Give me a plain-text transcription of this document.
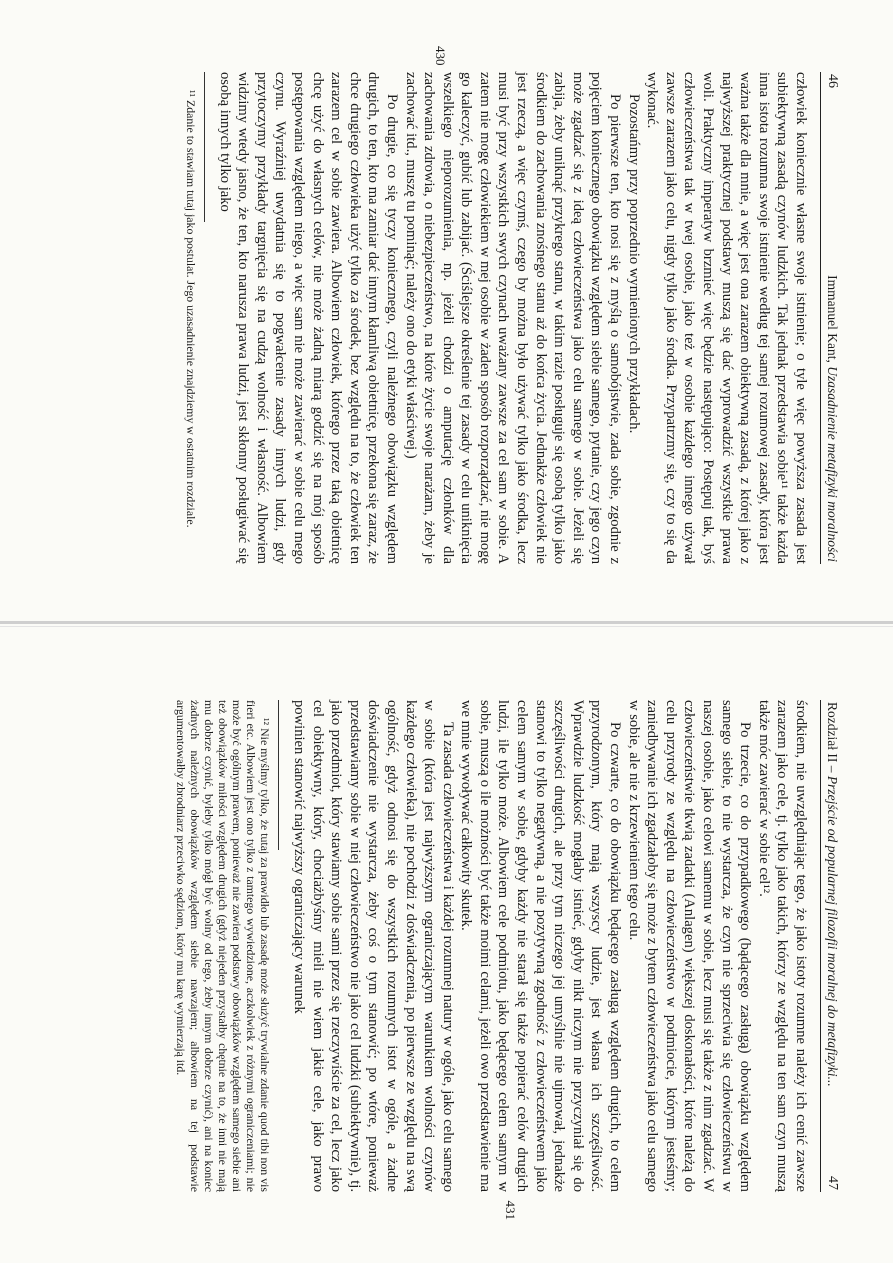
46
Immanuel Kant, Uzasadnienie metafizyki moralności

człowiek koniecznie własne swoje istnienie; o tyle więc powyższa zasada jest subiektywną zasadą czynów ludzkich. Tak jednak przedstawia sobie¹¹ także każda inna istota rozumna swoje istnienie według tej samej rozumowej zasady, która jest ważna także dla mnie, a więc jest ona zarazem obiektywną zasadą, z której jako z najwyższej praktycznej podstawy muszą się dać wyprowadzić wszystkie prawa woli. Praktyczny imperatyw brzmieć więc będzie następująco: Postępuj tak, byś człowieczeństwa tak w twej osobie, jako też w osobie każdego innego używał zawsze zarazem jako celu, nigdy tylko jako środka. Przypatrzmy się, czy to się da wykonać.

Pozostańmy przy poprzednio wymienionych przykładach.

Po pierwsze ten, kto nosi się z myślą o samobójstwie, zada sobie, zgodnie z pojęciem koniecznego obowiązku względem siebie samego, pytanie, czy jego czyn może zgadzać się z ideą człowieczeństwa jako celu samego w sobie. Jeżeli się zabija, żeby uniknąć przykrego stanu, w takim razie posługuje się osobą tylko jako środkiem do zachowania znośnego stanu aż do końca życia. Jednakże człowiek nie jest rzeczą, a więc czymś, czego by można było używać tylko jako środka, lecz musi być przy wszystkich swych czynach uważany zawsze za cel sam w sobie. A zatem nie mogę człowiekiem w mej osobie w żaden sposób rozporządzać, nie mogę go kaleczyć, gubić lub zabijać. (Ściślejsze określenie tej zasady w celu uniknięcia wszelkiego nieporozumienia, np. jeżeli chodzi o amputację członków dla zachowania zdrowia, o niebezpieczeństwo, na które życie swoje narażam, żeby je zachować itd., muszę tu pominąć; należy ono do etyki właściwej.)

Po drugie, co się tyczy koniecznego, czyli należnego obowiązku względem drugich, to ten, kto ma zamiar dać innym kłamliwą obietnicę, przekona się zaraz, że chce drugiego człowieka użyć tylko za środek, bez względu na to, że człowiek ten zarazem cel w sobie zawiera. Albowiem człowiek, którego przez taką obietnicę chcę użyć do własnych celów, nie może żadną miarą godzić się na mój sposób postępowania względem niego, a więc sam nie może zawierać w sobie celu mego czynu. Wyraźniej uwydatnia się to pogwałcenie zasady innych ludzi, gdy przytoczymy przykłady targnięcia się na cudzą wolność i własność. Albowiem widzimy wtedy jasno, że ten, kto narusza prawa ludzi, jest skłonny posługiwać się osobą innych tylko jako

¹¹ Zdanie to stawiam tutaj jako postulat. Jego uzasadnienie znajdziemy w ostatnim rozdziale.

430
Rozdział II – Przejście od popularnej filozofii moralnej do metafizyki...
47

środkiem, nie uwzględniając tego, że jako istoty rozumne należy ich cenić zawsze zarazem jako cele, tj. tylko jako takich, którzy ze względu na ten sam czyn muszą także móc zawierać w sobie cel¹².

Po trzecie, co do przypadkowego (bądącego zasługą) obowiązku względem samego siebie, to nie wystarcza, że czyn nie sprzeciwia się człowieczeństwu w naszej osobie, jako celowi samemu w sobie, lecz musi się także z nim zgadzać. W człowieczeństwie tkwią zadatki (Anlagen) większej doskonałości, które należą do celu przyrody ze względu na człowieczeństwo w podmiocie, którym jesteśmy; zaniedbywanie ich zgadzałoby się może z bytem człowieczeństwa jako celu samego w sobie, ale nie z krzewieniem tego celu.

Po czwarte, co do obowiązku będącego zasługą względem drugich, to celem przyrodzonym, który mają wszyscy ludzie, jest własna ich szczęśliwość. Wprawdzie ludzkość mogłaby istnieć, gdyby nikt niczym nie przyczyniał się do szczęśliwości drugich, ale przy tym niczego jej umyślnie nie ujmował, jednakże stanowi to tylko negatywną, a nie pozytywną zgodność z człowieczeństwem jako celem samym w sobie, gdyby każdy nie starał się także popierać celów drugich ludzi, ile tylko może. Albowiem cele podmiotu, jako będącego celem samym w sobie, muszą o ile możności być także moimi celami, jeżeli owo przedstawienie ma we mnie wywoływać całkowity skutek.

Ta zasada człowieczeństwa i każdej rozumnej natury w ogóle, jako celu samego w sobie (która jest najwyższym ograniczającym warunkiem wolności czynów każdego człowieka), nie pochodzi z doświadczenia, po pierwsze ze względu na swą ogólność, gdyż odnosi się do wszystkich rozumnych istot w ogóle, a żadne doświadczenie nie wystarcza, żeby coś o tym stanowić; po wtóre, ponieważ przedstawiamy sobie w niej człowieczeństwo nie jako cel ludzki (subiektywnie), tj. jako przedmiot, który stawiamy sobie sami przez się rzeczywiście za cel, lecz jako cel obiektywny, który, chociażbyśmy mieli nie wiem jakie cele, jako prawo powinien stanowić najwyższy ograniczający warunek

¹² Nie myślmy tylko, że tutaj za prawidło lub zasadę może służyć trywialne zdanie quod tibi non vis fieri etc. Albowiem jest ono tylko z tamtego wywiedzione, aczkolwiek z różnymi ograniczeniami; nie może być ogólnym prawem, ponieważ nie zawiera podstawy obowiązków względem samego siebie ani też obowiązków miłości względem drugich (gdyż niejeden przystałby chętnie na to, że inni nie mają mu dobrze czynić, byleby tylko mógł być wolny od tego, żeby innym dobrze czynić), ani na koniec żadnych należnych obowiązków względem siebie nawzajem; albowiem na tej podstawie argumentowałby zbrodniarz przeciwko sędziom, który mu karę wymierzają itd.

431
